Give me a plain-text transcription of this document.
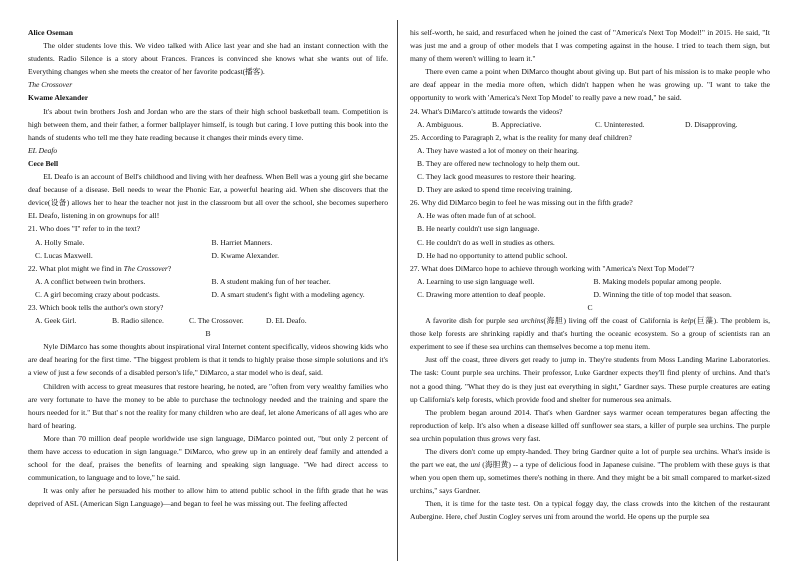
Alice Oseman

The older students love this. We video talked with Alice last year and she had an instant connection with the students. Radio Silence is a story about Frances. Frances is convinced she knows what she wants out of life. Everything changes when she meets the creator of her favorite podcast(播客).

The Crossover

Kwame Alexander

It's about twin brothers Josh and Jordan who are the stars of their high school basketball team. Competition is high between them, and their father, a former ballplayer himself, is tough but caring. I love putting this book into the hands of students who tell me they hate reading because it changes their minds every time.

EL Deafo

Cece Bell

EL Deafo is an account of Bell's childhood and living with her deafness. When Bell was a young girl she became deaf because of a disease. Bell needs to wear the Phonic Ear, a powerful hearing aid. When she discovers that the device(设备) allows her to hear the teacher not just in the classroom but all over the school, she becomes superhero EL Deafo, listening in on grownups for all!

21. Who does "I" refer to in the text?

A. Holly Smale.	B. Harriet Manners.
C. Lucas Maxwell.	D. Kwame Alexander.

22. What plot might we find in The Crossover?

A. A conflict between twin brothers.	B. A student making fun of her teacher.
C. A girl becoming crazy about podcasts.	D. A smart student's fight with a modeling agency.

23. Which book tells the author's own story?

A. Geek Girl.	B. Radio silence.	C. The Crossover.	D. EL Deafo.

B

Nyle DiMarco has some thoughts about inspirational viral Internet content specifically, videos showing kids who are deaf hearing for the first time. "The biggest problem is that it tends to highly praise those simple solutions and it's a view of just a few seconds of a disabled person's life," DiMarco, a star model who is deaf, said.

Children with access to great measures that restore hearing, he noted, are "often from very wealthy families who are very fortunate to have the money to be able to purchase the technology needed and the training and spare the hours needed for it." But that' s not the reality for many children who are deaf, let alone Americans of all ages who are hard of hearing.

More than 70 million deaf people worldwide use sign language, DiMarco pointed out, "but only 2 percent of them have access to education in sign language." DiMarco, who grew up in an entirely deaf family and attended a school for the deaf, praises the benefits of learning and speaking sign language. "We had direct access to communication, to language and to love," he said.

It was only after he persuaded his mother to allow him to attend public school in the fifth grade that he was deprived of ASL (American Sign Language)—and began to feel he was missing out. The feeling affected

his self-worth, he said, and resurfaced when he joined the cast of "America's Next Top Model!" in 2015. He said, "It was just me and a group of other models that I was competing against in the house. I tried to teach them sign, but many of them weren't willing to learn it."

There even came a point when DiMarco thought about giving up. But part of his mission is to make people who are deaf appear in the media more often, which didn't happen when he was growing up. "I want to take the opportunity to work with 'America's Next Top Model' to really pave a new road," he said.

24. What's DiMarco's attitude towards the videos?

A. Ambiguous.	B. Appreciative.	C. Uninterested.	D. Disapproving.

25. According to Paragraph 2, what is the reality for many deaf children?

A. They have wasted a lot of money on their hearing.

B. They are offered new technology to help them out.

C. They lack good measures to restore their hearing.

D. They are asked to spend time receiving training.

26. Why did DiMarco begin to feel he was missing out in the fifth grade?

A. He was often made fun of at school.

B. He nearly couldn't use sign language.

C. He couldn't do as well in studies as others.

D. He had no opportunity to attend public school.

27. What does DiMarco hope to achieve through working with "America's Next Top Model"?

A. Learning to use sign language well.	B. Making models popular among people.
C. Drawing more attention to deaf people.	D. Winning the title of top model that season.

C

A favorite dish for purple sea urchins(海胆) living off the coast of California is kelp(巨藻). The problem is, those kelp forests are shrinking rapidly and that's hurting the oceanic ecosystem. So a group of scientists ran an experiment to see if these sea urchins can themselves become a top menu item.

Just off the coast, three divers get ready to jump in. They're students from Moss Landing Marine Laboratories. The task: Count purple sea urchins. Their professor, Luke Gardner expects they'll find plenty of urchins. And that's not a good thing. "What they do is they just eat everything in sight," Gardner says. These purple creatures are eating up California's kelp forests, which provide food and shelter for numerous sea animals.

The problem began around 2014. That's when Gardner says warmer ocean temperatures began affecting the reproduction of kelp. It's also when a disease killed off sunflower sea stars, a killer of purple sea urchins. The purple sea urchin population thus grows very fast.

The divers don't come up empty-handed. They bring Gardner quite a lot of purple sea urchins. What's inside is the part we eat, the uni (海胆黄) -- a type of delicious food in Japanese cuisine. "The problem with these guys is that when you open them up, sometimes there's nothing in there. And they might be a bit small compared to market-sized urchins," says Gardner.

Then, it is time for the taste test. On a typical foggy day, the class crowds into the kitchen of the restaurant Aubergine. Here, chef Justin Cogley serves uni from around the world. He opens up the purple sea
